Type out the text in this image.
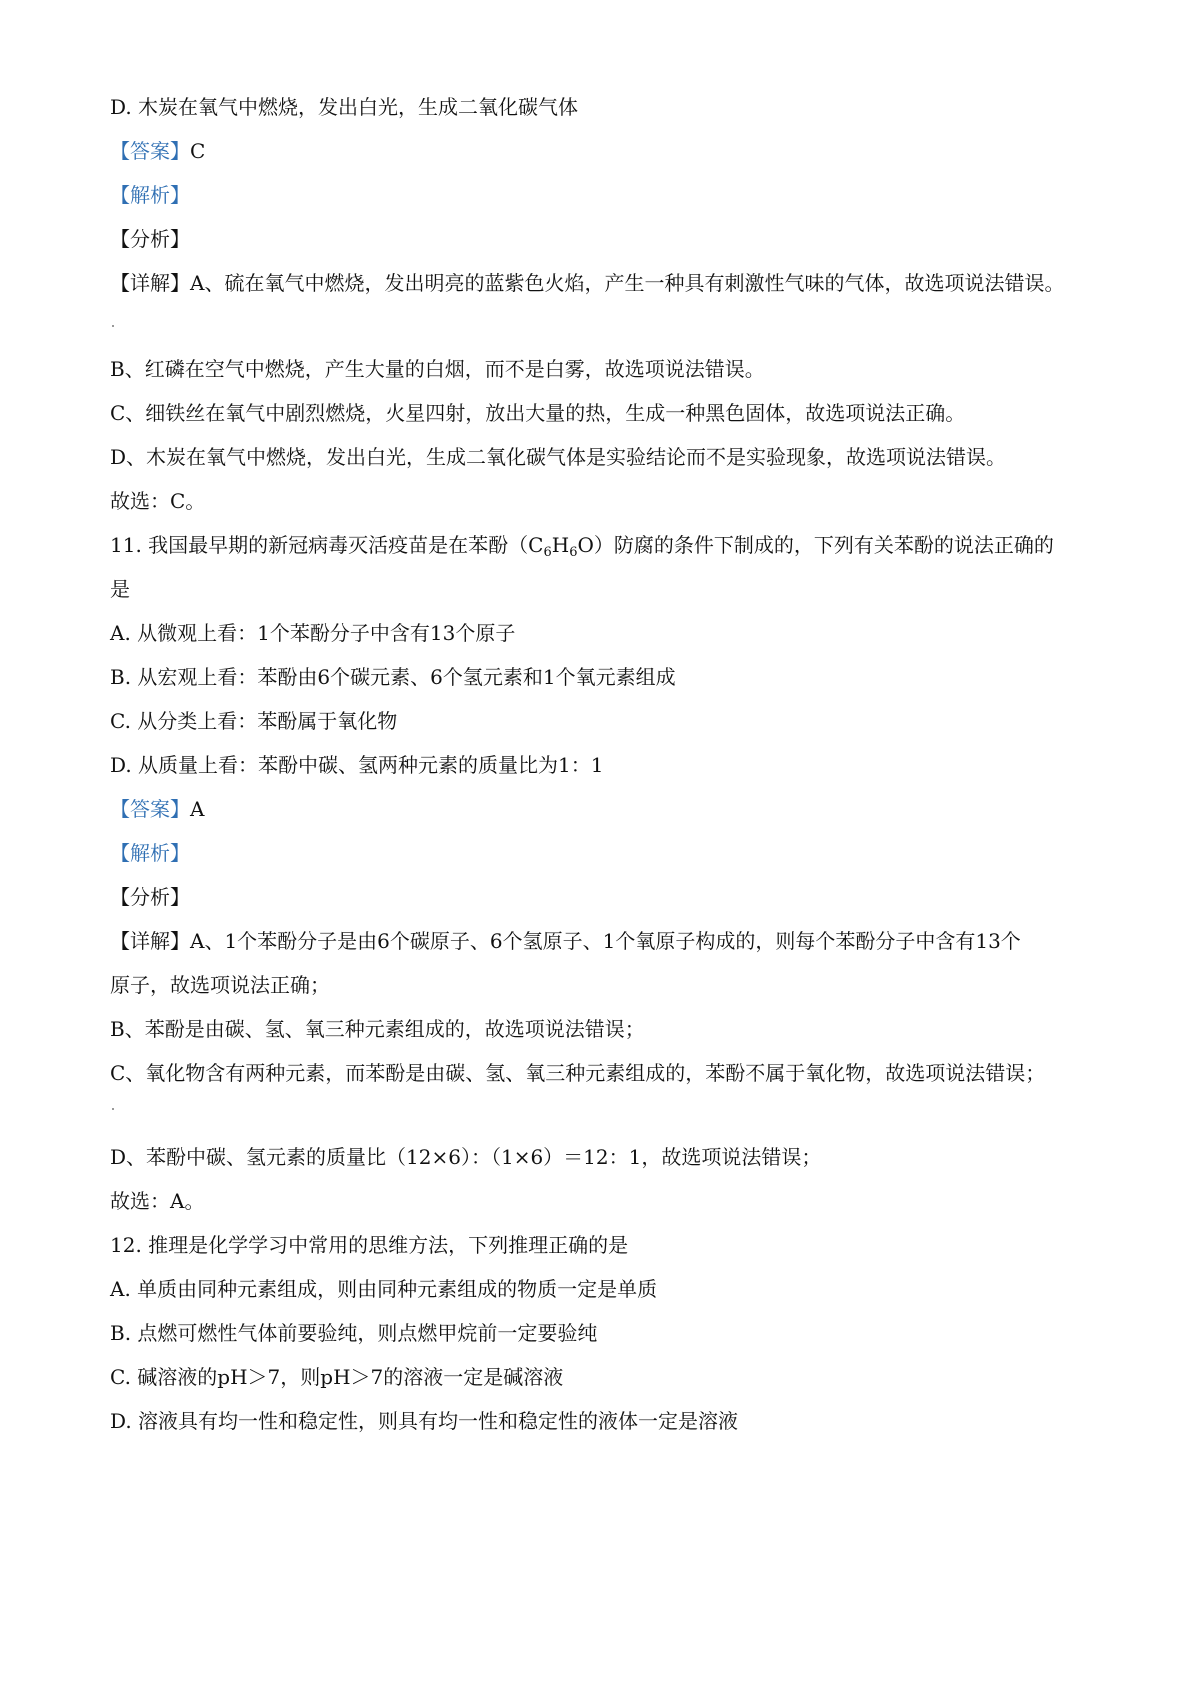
D. 木炭在氧气中燃烧，发出白光，生成二氧化碳气体
【答案】C
【解析】
【分析】
【详解】A、硫在氧气中燃烧，发出明亮的蓝紫色火焰，产生一种具有刺激性气味的气体，故选项说法错误。
B、红磷在空气中燃烧，产生大量的白烟，而不是白雾，故选项说法错误。
C、细铁丝在氧气中剧烈燃烧，火星四射，放出大量的热，生成一种黑色固体，故选项说法正确。
D、木炭在氧气中燃烧，发出白光，生成二氧化碳气体是实验结论而不是实验现象，故选项说法错误。
故选：C。
11. 我国最早期的新冠病毒灭活疫苗是在苯酚$(C_6H_6O)$防腐的条件下制成的，下列有关苯酚的说法正确的
是
A. 从微观上看：1个苯酚分子中含有13个原子
B. 从宏观上看：苯酚由6个碳元素、6个氢元素和1个氧元素组成
C. 从分类上看：苯酚属于氧化物
D. 从质量上看：苯酚中碳、氢两种元素的质量比为1：1
【答案】A
【解析】
【分析】
【详解】A、1个苯酚分子是由6个碳原子、6个氢原子、1个氧原子构成的，则每个苯酚分子中含有13个
原子，故选项说法正确；
B、苯酚是由碳、氢、氧三种元素组成的，故选项说法错误；
C、氧化物含有两种元素，而苯酚是由碳、氢、氧三种元素组成的，苯酚不属于氧化物，故选项说法错误；
D、苯酚中碳、氢元素的质量比（12×6）：（1×6）＝12：1，故选项说法错误；
故选：A。
12. 推理是化学学习中常用的思维方法，下列推理正确的是
A. 单质由同种元素组成，则由同种元素组成的物质一定是单质
B. 点燃可燃性气体前要验纯，则点燃甲烷前一定要验纯
C. 碱溶液的pH＞7，则pH＞7的溶液一定是碱溶液
D. 溶液具有均一性和稳定性，则具有均一性和稳定性的液体一定是溶液
